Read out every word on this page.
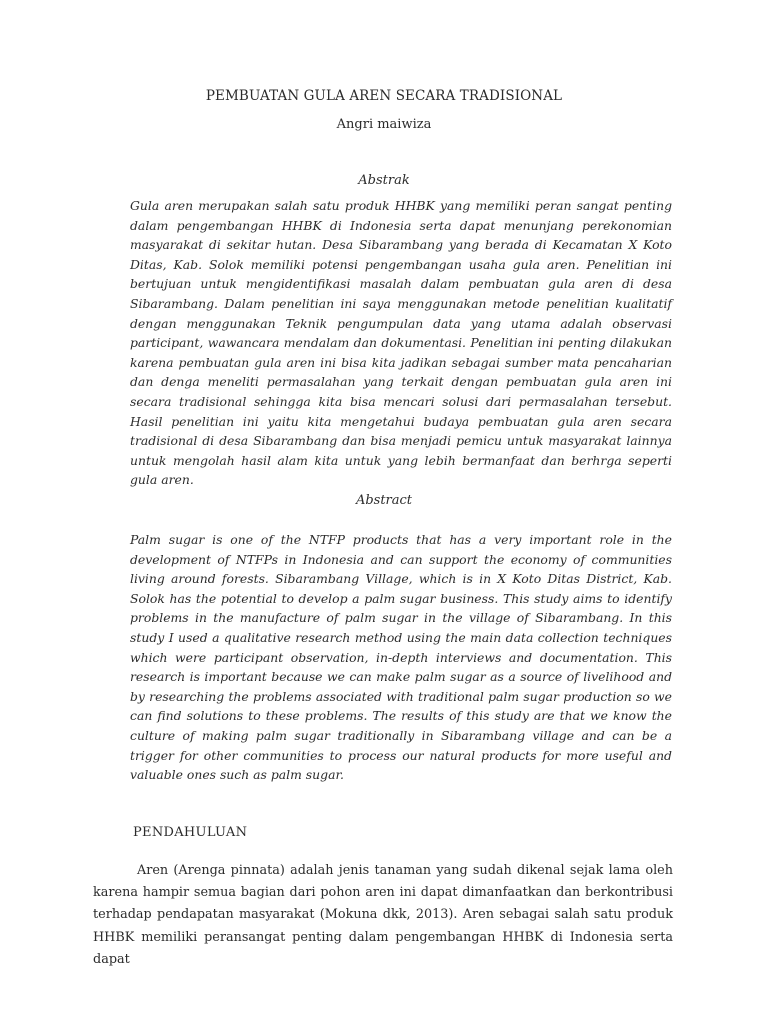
PEMBUATAN GULA AREN SECARA TRADISIONAL
Angri maiwiza
Abstrak

Gula aren merupakan salah satu produk HHBK yang memiliki peran sangat penting dalam pengembangan HHBK di Indonesia serta dapat menunjang perekonomian masyarakat di sekitar hutan. Desa Sibarambang yang berada di Kecamatan X Koto Ditas, Kab. Solok memiliki potensi pengembangan usaha gula aren. Penelitian ini bertujuan untuk mengidentifikasi masalah dalam pembuatan gula aren di desa Sibarambang. Dalam penelitian ini saya menggunakan metode penelitian kualitatif dengan menggunakan Teknik pengumpulan data yang utama adalah observasi participant, wawancara mendalam dan dokumentasi. Penelitian ini penting dilakukan karena pembuatan gula aren ini bisa kita jadikan sebagai sumber mata pencaharian dan denga meneliti permasalahan yang terkait dengan pembuatan gula aren ini secara tradisional sehingga kita bisa mencari solusi dari permasalahan tersebut. Hasil penelitian ini yaitu kita mengetahui budaya pembuatan gula aren secara tradisional di desa Sibarambang dan bisa menjadi pemicu untuk masyarakat lainnya untuk mengolah hasil alam kita untuk yang lebih bermanfaat dan berhrga seperti gula aren.

Abstract

Palm sugar is one of the NTFP products that has a very important role in the development of NTFPs in Indonesia and can support the economy of communities living around forests. Sibarambang Village, which is in X Koto Ditas District, Kab. Solok has the potential to develop a palm sugar business. This study aims to identify problems in the manufacture of palm sugar in the village of Sibarambang. In this study I used a qualitative research method using the main data collection techniques which were participant observation, in-depth interviews and documentation. This research is important because we can make palm sugar as a source of livelihood and by researching the problems associated with traditional palm sugar production so we can find solutions to these problems. The results of this study are that we know the culture of making palm sugar traditionally in Sibarambang village and can be a trigger for other communities to process our natural products for more useful and valuable ones such as palm sugar.

PENDAHULUAN

Aren (Arenga pinnata) adalah jenis tanaman yang sudah dikenal sejak lama oleh karena hampir semua bagian dari pohon aren ini dapat dimanfaatkan dan berkontribusi terhadap pendapatan masyarakat (Mokuna dkk, 2013). Aren sebagai salah satu produk HHBK memiliki peransangat penting dalam pengembangan HHBK di Indonesia serta dapat
